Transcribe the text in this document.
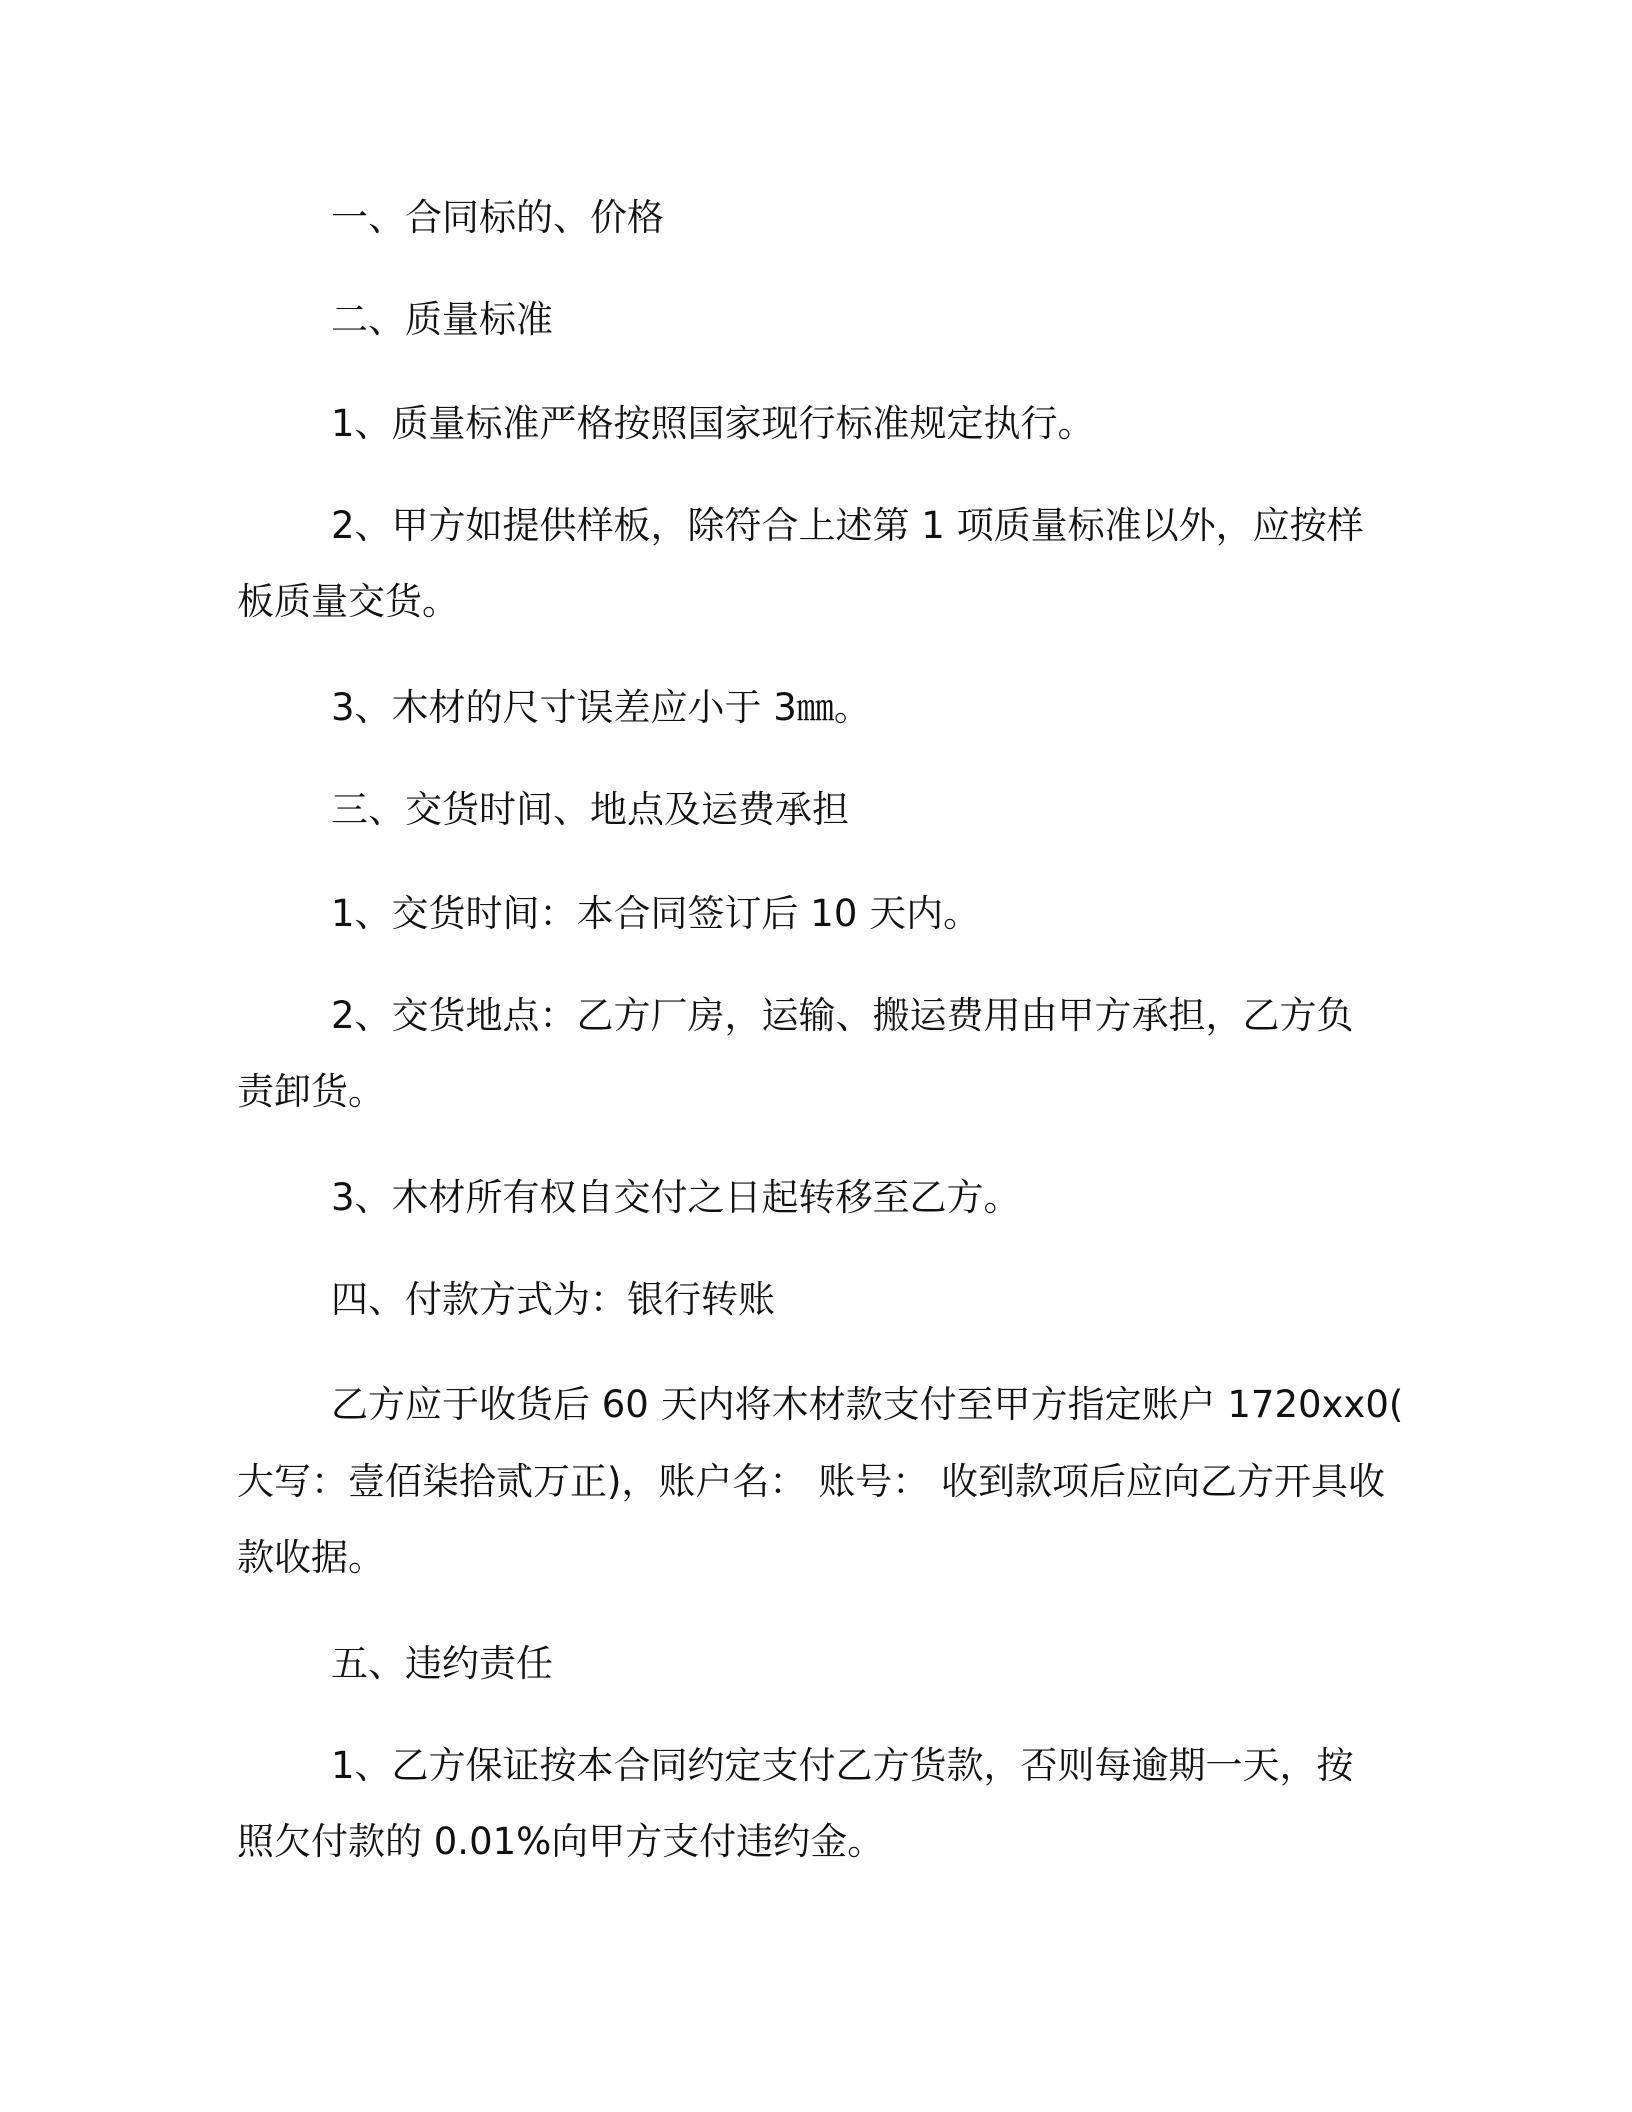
一、合同标的、价格
二、质量标准
1、质量标准严格按照国家现行标准规定执行。
2、甲方如提供样板，除符合上述第 1 项质量标准以外，应按样
板质量交货。
3、木材的尺寸误差应小于 3㎜。
三、交货时间、地点及运费承担
1、交货时间：本合同签订后 10 天内。
2、交货地点：乙方厂房，运输、搬运费用由甲方承担，乙方负
责卸货。
3、木材所有权自交付之日起转移至乙方。
四、付款方式为：银行转账
乙方应于收货后 60 天内将木材款支付至甲方指定账户 1720xx0(
大写：壹佰柒拾贰万正)，账户名： 账号： 收到款项后应向乙方开具收
款收据。
五、违约责任
1、乙方保证按本合同约定支付乙方货款，否则每逾期一天，按
照欠付款的 0.01%向甲方支付违约金。
